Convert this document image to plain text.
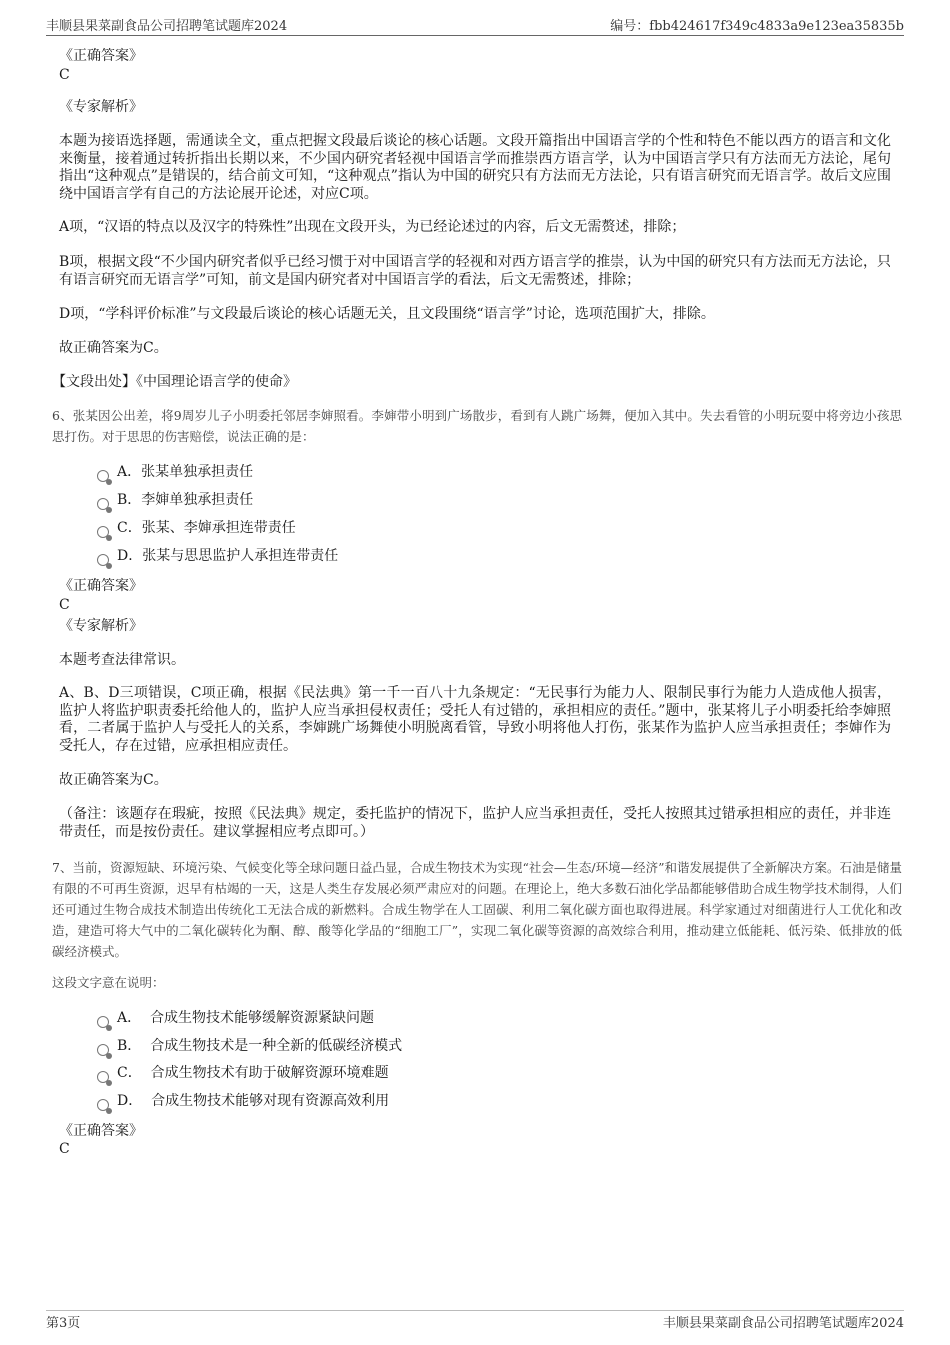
丰顺县果菜副食品公司招聘笔试题库2024	编号：fbb424617f349c4833a9e123ea35835b
《正确答案》
C
《专家解析》
本题为接语选择题，需通读全文，重点把握文段最后谈论的核心话题。文段开篇指出中国语言学的个性和特色不能以西方的语言和文化来衡量，接着通过转折指出长期以来，不少国内研究者轻视中国语言学而推崇西方语言学，认为中国语言学只有方法而无方法论，尾句指出“这种观点”是错误的，结合前文可知，“这种观点”指认为中国的研究只有方法而无方法论，只有语言研究而无语言学。故后文应围绕中国语言学有自己的方法论展开论述，对应C项。
A项，“汉语的特点以及汉字的特殊性”出现在文段开头，为已经论述过的内容，后文无需赘述，排除；
B项，根据文段“不少国内研究者似乎已经习惯于对中国语言学的轻视和对西方语言学的推崇，认为中国的研究只有方法而无方法论，只有语言研究而无语言学”可知，前文是国内研究者对中国语言学的看法，后文无需赘述，排除；
D项，“学科评价标准”与文段最后谈论的核心话题无关，且文段围绕“语言学”讨论，选项范围扩大，排除。
故正确答案为C。
【文段出处】《中国理论语言学的使命》
6、张某因公出差，将9周岁儿子小明委托邻居李婶照看。李婶带小明到广场散步，看到有人跳广场舞，便加入其中。失去看管的小明玩耍中将旁边小孩思思打伤。对于思思的伤害赔偿，说法正确的是：
A．张某单独承担责任
B．李婶单独承担责任
C．张某、李婶承担连带责任
D．张某与思思监护人承担连带责任
《正确答案》
C
《专家解析》
本题考查法律常识。
A、B、D三项错误，C项正确，根据《民法典》第一千一百八十九条规定：“无民事行为能力人、限制民事行为能力人造成他人损害，监护人将监护职责委托给他人的，监护人应当承担侵权责任；受托人有过错的，承担相应的责任。”题中，张某将儿子小明委托给李婶照看，二者属于监护人与受托人的关系，李婶跳广场舞使小明脱离看管，导致小明将他人打伤，张某作为监护人应当承担责任；李婶作为受托人，存在过错，应承担相应责任。
故正确答案为C。
（备注：该题存在瑕疵，按照《民法典》规定，委托监护的情况下，监护人应当承担责任，受托人按照其过错承担相应的责任，并非连带责任，而是按份责任。建议掌握相应考点即可。）
7、当前，资源短缺、环境污染、气候变化等全球问题日益凸显，合成生物技术为实现“社会—生态/环境—经济”和谐发展提供了全新解决方案。石油是储量有限的不可再生资源，迟早有枯竭的一天，这是人类生存发展必须严肃应对的问题。在理论上，绝大多数石油化学品都能够借助合成生物学技术制得，人们还可通过生物合成技术制造出传统化工无法合成的新燃料。合成生物学在人工固碳、利用二氧化碳方面也取得进展。科学家通过对细菌进行人工优化和改造，建造可将大气中的二氧化碳转化为酮、醇、酸等化学品的“细胞工厂”，实现二氧化碳等资源的高效综合利用，推动建立低能耗、低污染、低排放的低碳经济模式。
这段文字意在说明：
A．  合成生物技术能够缓解资源紧缺问题
B．  合成生物技术是一种全新的低碳经济模式
C．  合成生物技术有助于破解资源环境难题
D．  合成生物技术能够对现有资源高效利用
《正确答案》
C
第3页	丰顺县果菜副食品公司招聘笔试题库2024
